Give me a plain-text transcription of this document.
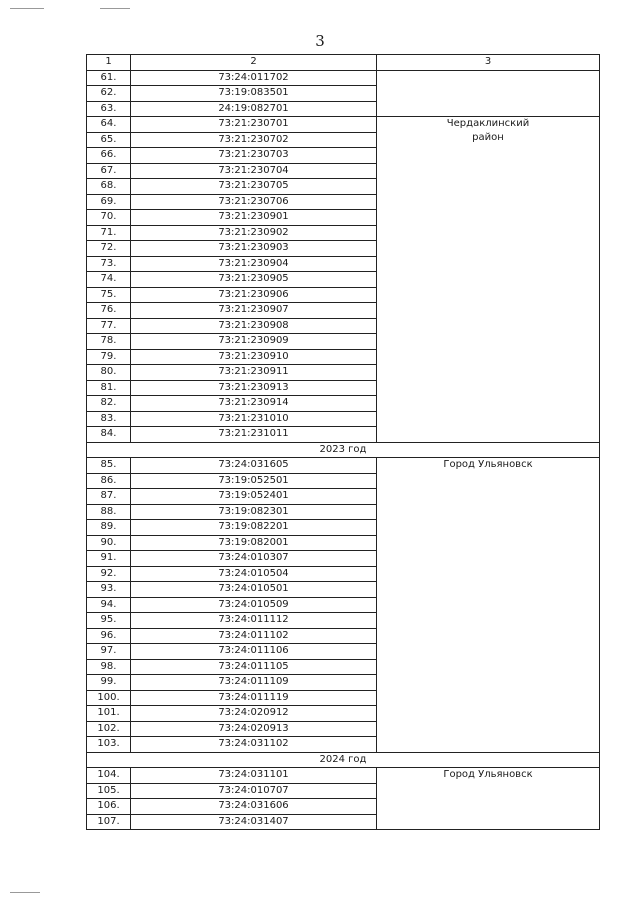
3
1	2	3
61.	73:24:011702	
62.	73:19:083501	
63.	24:19:082701	
64.	73:21:230701	Чердаклинский район
65.	73:21:230702	
66.	73:21:230703	
67.	73:21:230704	
68.	73:21:230705	
69.	73:21:230706	
70.	73:21:230901	
71.	73:21:230902	
72.	73:21:230903	
73.	73:21:230904	
74.	73:21:230905	
75.	73:21:230906	
76.	73:21:230907	
77.	73:21:230908	
78.	73:21:230909	
79.	73:21:230910	
80.	73:21:230911	
81.	73:21:230913	
82.	73:21:230914	
83.	73:21:231010	
84.	73:21:231011	
2023 год		
85.	73:24:031605	Город Ульяновск
86.	73:19:052501	
87.	73:19:052401	
88.	73:19:082301	
89.	73:19:082201	
90.	73:19:082001	
91.	73:24:010307	
92.	73:24:010504	
93.	73:24:010501	
94.	73:24:010509	
95.	73:24:011112	
96.	73:24:011102	
97.	73:24:011106	
98.	73:24:011105	
99.	73:24:011109	
100.	73:24:011119	
101.	73:24:020912	
102.	73:24:020913	
103.	73:24:031102	
2024 год		
104.	73:24:031101	Город Ульяновск
105.	73:24:010707	
106.	73:24:031606	
107.	73:24:031407	
